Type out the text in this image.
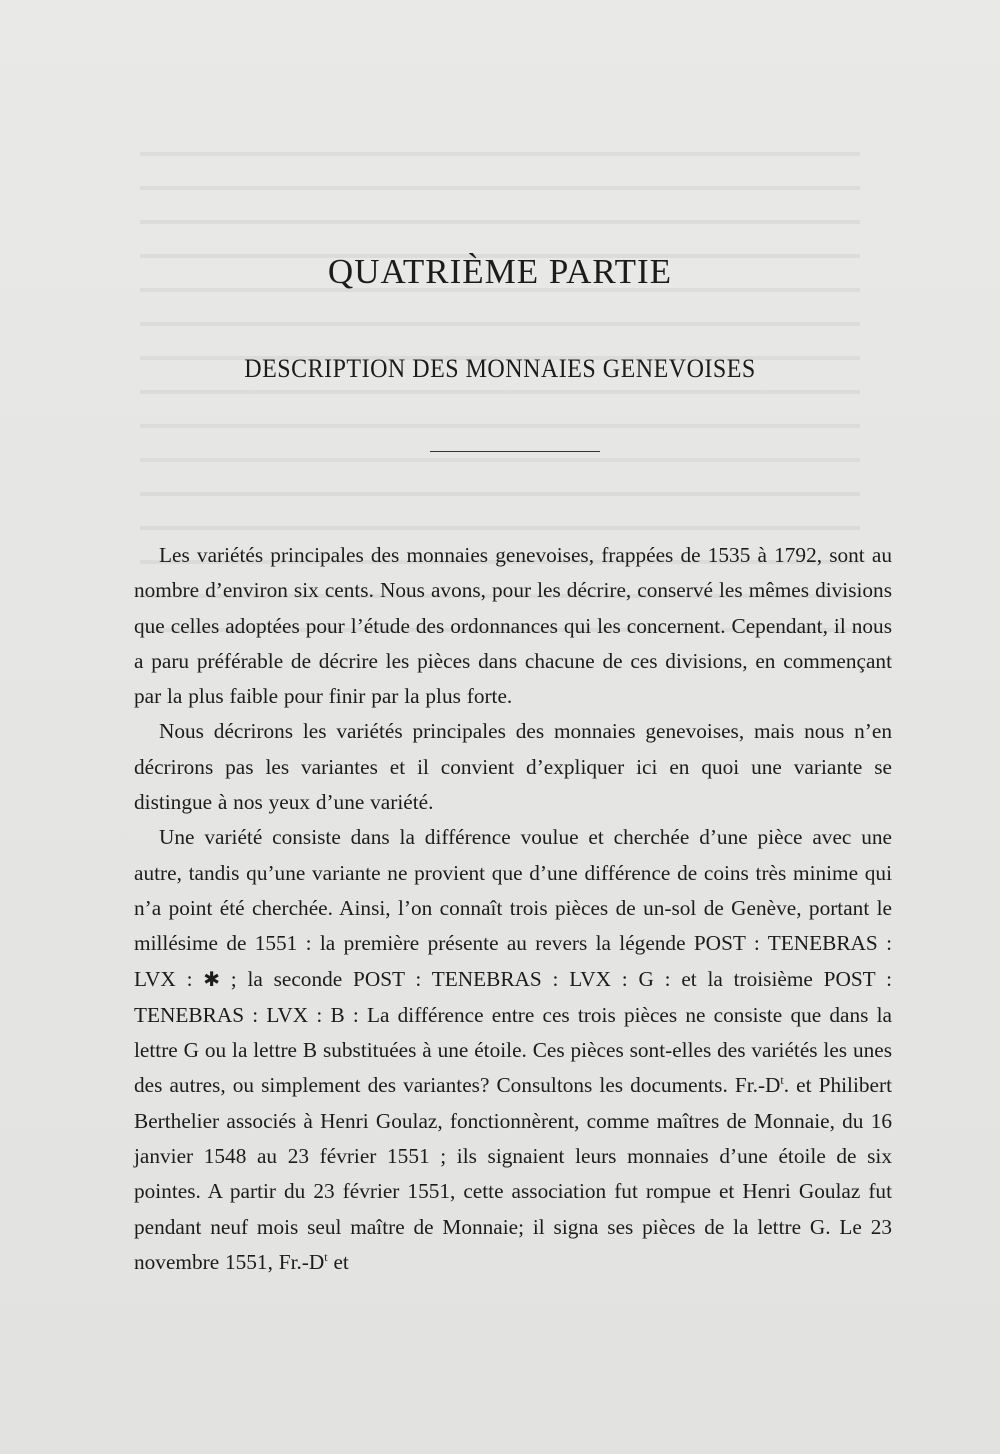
QUATRIÈME PARTIE
DESCRIPTION DES MONNAIES GENEVOISES

Les variétés principales des monnaies genevoises, frappées de 1535 à 1792, sont au nombre d’environ six cents. Nous avons, pour les décrire, conservé les mêmes divisions que celles adoptées pour l’étude des ordonnances qui les concernent. Cependant, il nous a paru préférable de décrire les pièces dans chacune de ces divisions, en commençant par la plus faible pour finir par la plus forte.

Nous décrirons les variétés principales des monnaies genevoises, mais nous n’en décrirons pas les variantes et il convient d’expliquer ici en quoi une variante se distingue à nos yeux d’une variété.

Une variété consiste dans la différence voulue et cherchée d’une pièce avec une autre, tandis qu’une variante ne provient que d’une différence de coins très minime qui n’a point été cherchée. Ainsi, l’on connaît trois pièces de un-sol de Genève, portant le millésime de 1551 : la première présente au revers la légende POST : TENEBRAS : LVX : ✱ ; la seconde POST : TENEBRAS : LVX : G : et la troisième POST : TENEBRAS : LVX : B : La différence entre ces trois pièces ne consiste que dans la lettre G ou la lettre B substituées à une étoile. Ces pièces sont-elles des variétés les unes des autres, ou simplement des variantes? Consultons les documents. $Fr.-D^t$. et Philibert Berthelier associés à Henri Goulaz, fonctionnèrent, comme maîtres de Monnaie, du 16 janvier 1548 au 23 février 1551 ; ils signaient leurs monnaies d’une étoile de six pointes. A partir du 23 février 1551, cette association fut rompue et Henri Goulaz fut pendant neuf mois seul maître de Monnaie; il signa ses pièces de la lettre G. Le 23 novembre 1551, $Fr.-D^t$ et
